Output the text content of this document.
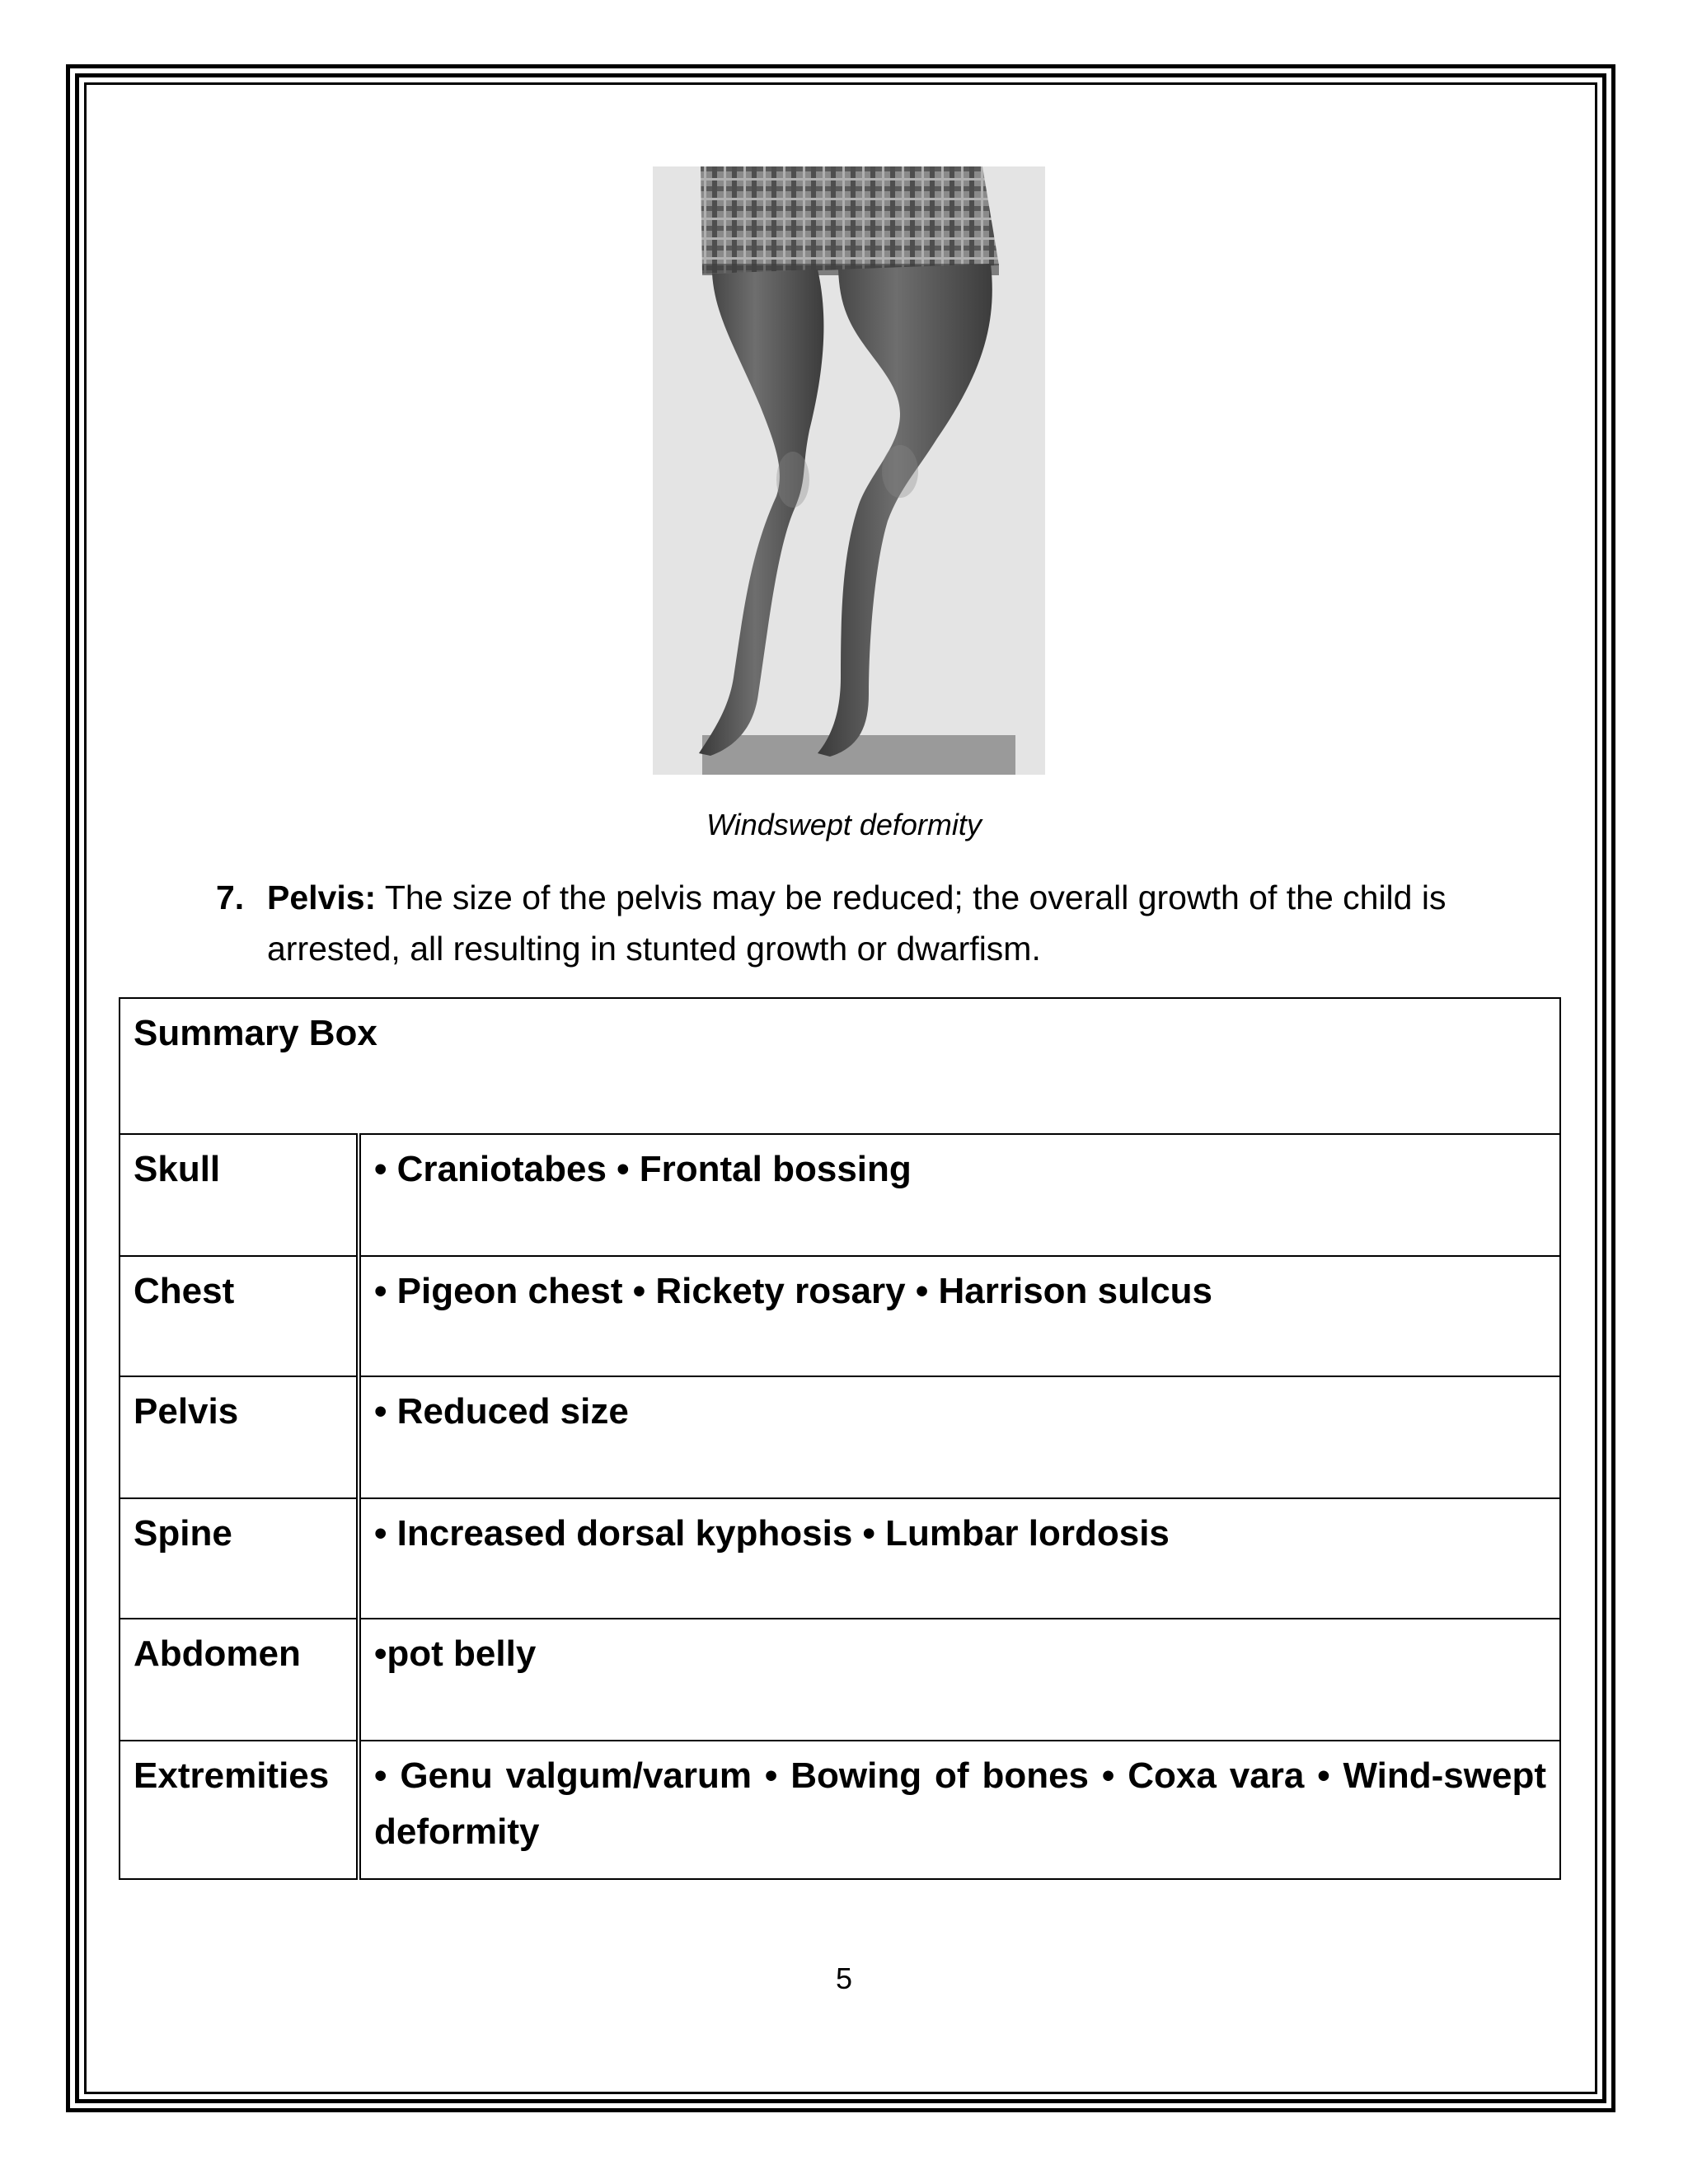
Windswept deformity
7. Pelvis: The size of the pelvis may be reduced; the overall growth of the child is arrested, all resulting in stunted growth or dwarfism.
Summary Box	
Skull	• Craniotabes • Frontal bossing
Chest	• Pigeon chest • Rickety rosary • Harrison sulcus
Pelvis	• Reduced size
Spine	• Increased dorsal kyphosis • Lumbar lordosis
Abdomen	•pot belly
Extremities	• Genu valgum/varum • Bowing of bones • Coxa vara • Wind-swept deformity
5
